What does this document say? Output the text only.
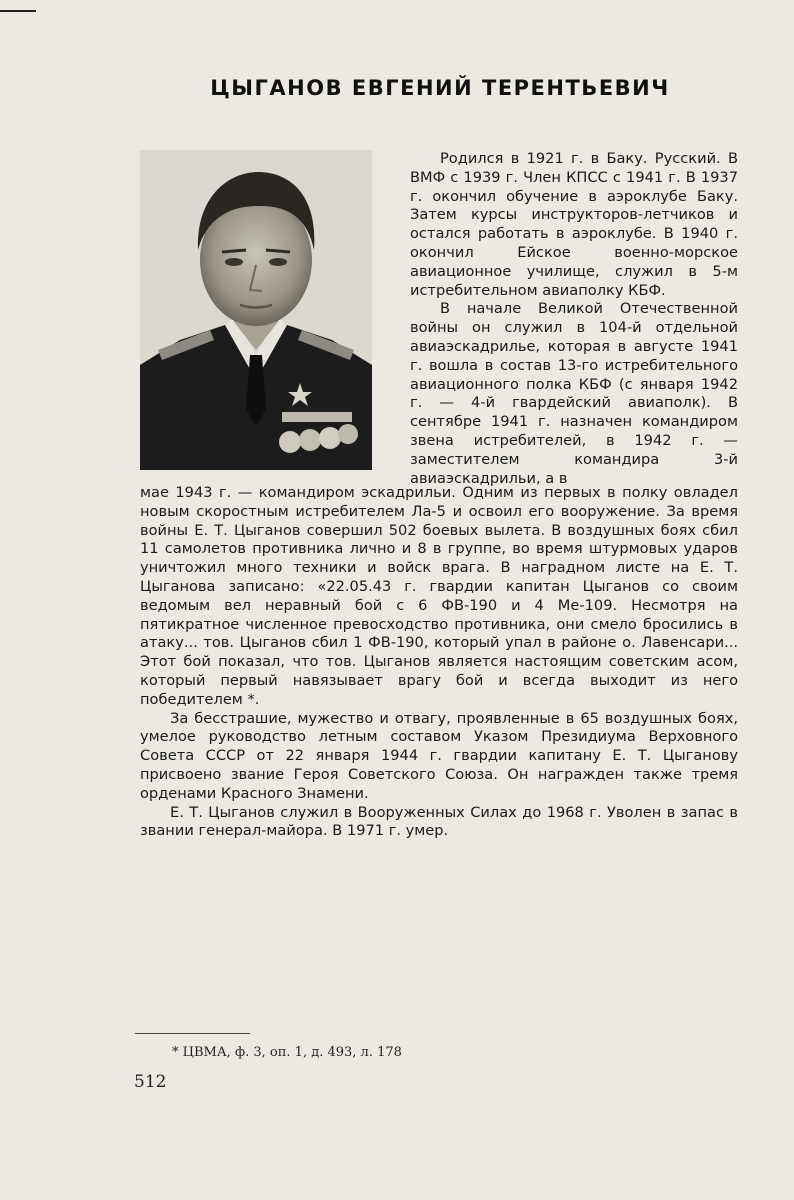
ЦЫГАНОВ ЕВГЕНИЙ ТЕРЕНТЬЕВИЧ

Родился в 1921 г. в Баку. Русский. В ВМФ с 1939 г. Член КПСС с 1941 г. В 1937 г. окончил обучение в аэроклубе Баку. Затем курсы инструкторов-летчиков и остался работать в аэроклубе. В 1940 г. окончил Ейское военно-морское авиационное училище, служил в 5-м истребительном авиаполку КБФ.

В начале Великой Отечественной войны он служил в 104-й отдельной авиаэскадрилье, которая в августе 1941 г. вошла в состав 13-го истребительного авиационного полка КБФ (с января 1942 г. — 4-й гвардейский авиаполк). В сентябре 1941 г. назначен командиром звена истребителей, в 1942 г. — заместителем командира 3-й авиаэскадрильи, а в

мае 1943 г. — командиром эскадрильи. Одним из первых в полку овладел новым скоростным истребителем Ла-5 и освоил его вооружение. За время войны Е. Т. Цыганов совершил 502 боевых вылета. В воздушных боях сбил 11 самолетов противника лично и 8 в группе, во время штурмовых ударов уничтожил много техники и войск врага. В наградном листе на Е. Т. Цыганова записано: «22.05.43 г. гвардии капитан Цыганов со своим ведомым вел неравный бой с 6 ФВ-190 и 4 Ме-109. Несмотря на пятикратное численное превосходство противника, они смело бросились в атаку... тов. Цыганов сбил 1 ФВ-190, который упал в районе о. Лавенсари... Этот бой показал, что тов. Цыганов является настоящим советским асом, который первый навязывает врагу бой и всегда выходит из него победителем *.

За бесстрашие, мужество и отвагу, проявленные в 65 воздушных боях, умелое руководство летным составом Указом Президиума Верховного Совета СССР от 22 января 1944 г. гвардии капитану Е. Т. Цыганову присвоено звание Героя Советского Союза. Он награжден также тремя орденами Красного Знамени.

Е. Т. Цыганов служил в Вооруженных Силах до 1968 г. Уволен в запас в звании генерал-майора. В 1971 г. умер.

* ЦВМА, ф. 3, оп. 1, д. 493, л. 178
512
